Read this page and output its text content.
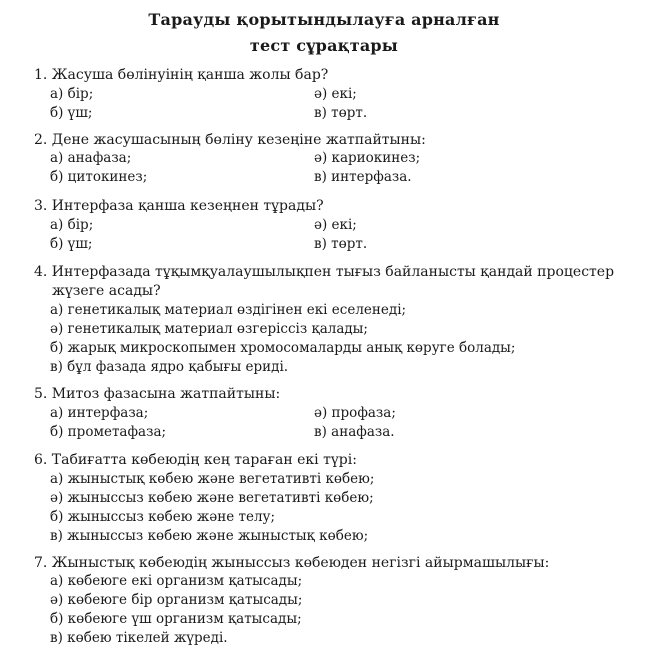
Тарауды қорытындылауға арналған
тест сұрақтары
1. Жасуша бөлінуінің қанша жолы бар?
а) бір;	ә) екі;
б) үш;	в) төрт.
2. Дене жасушасының бөліну кезеңіне жатпайтыны:
а) анафаза;	ә) кариокинез;
б) цитокинез;	в) интерфаза.
3. Интерфаза қанша кезеңнен тұрады?
а) бір;	ә) екі;
б) үш;	в) төрт.
4. Интерфазада тұқымқуалаушылықпен тығыз байланысты қандай процестер жүзеге асады?
а) генетикалық материал өздігінен екі еселенеді;
ә) генетикалық материал өзгеріссіз қалады;
б) жарық микроскопымен хромосомаларды анық көруге болады;
в) бұл фазада ядро қабығы ериді.
5. Митоз фазасына жатпайтыны:
а) интерфаза;	ә) профаза;
б) прометафаза;	в) анафаза.
6. Табиғатта көбеюдің кең тараған екі түрі:
а) жыныстық көбею және вегетативті көбею;
ә) жыныссыз көбею және вегетативті көбею;
б) жыныссыз көбею және телу;
в) жыныссыз көбею және жыныстық көбею;
7. Жыныстық көбеюдің жыныссыз көбеюден негізгі айырмашылығы:
а) көбеюге екі организм қатысады;
ә) көбеюге бір организм қатысады;
б) көбеюге үш организм қатысады;
в) көбею тікелей жүреді.
